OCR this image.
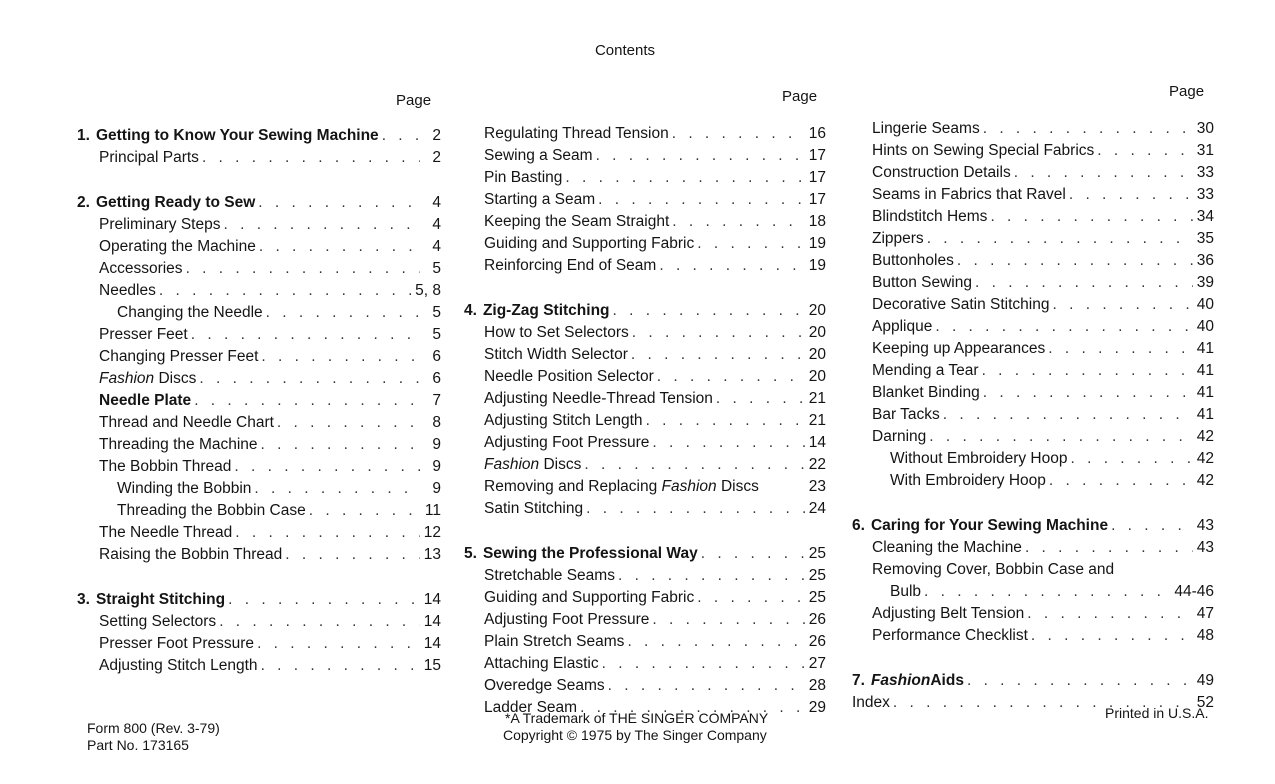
Contents
Page	Page	Page
1. Getting to Know Your Sewing Machine . . .	2
Principal Parts . . .	2
2. Getting Ready to Sew . . .	4
Preliminary Steps . . .	4
Operating the Machine . . .	4
Accessories . . .	5
Needles . . .	5, 8
Changing the Needle . . .	5
Presser Feet . . .	5
Changing Presser Feet . . .	6
Fashion Discs . . .	6
Needle Plate . . .	7
Thread and Needle Chart . . .	8
Threading the Machine . . .	9
The Bobbin Thread . . .	9
Winding the Bobbin . . .	9
Threading the Bobbin Case . . .	11
The Needle Thread . . .	12
Raising the Bobbin Thread . . .	13
3. Straight Stitching . . .	14
Setting Selectors . . .	14
Presser Foot Pressure . . .	14
Adjusting Stitch Length . . .	15
Regulating Thread Tension . . .	16
Sewing a Seam . . .	17
Pin Basting . . .	17
Starting a Seam . . .	17
Keeping the Seam Straight . . .	18
Guiding and Supporting Fabric . . .	19
Reinforcing End of Seam . . .	19
4. Zig-Zag Stitching . . .	20
How to Set Selectors . . .	20
Stitch Width Selector . . .	20
Needle Position Selector . . .	20
Adjusting Needle-Thread Tension . . .	21
Adjusting Stitch Length . . .	21
Adjusting Foot Pressure . . .	14
Fashion Discs . . .	22
Removing and Replacing Fashion Discs	23
Satin Stitching . . .	24
5. Sewing the Professional Way . . .	25
Stretchable Seams . . .	25
Guiding and Supporting Fabric . . .	25
Adjusting Foot Pressure . . .	26
Plain Stretch Seams . . .	26
Attaching Elastic . . .	27
Overedge Seams . . .	28
Ladder Seam . . .	29
Lingerie Seams . . .	30
Hints on Sewing Special Fabrics . . .	31
Construction Details . . .	33
Seams in Fabrics that Ravel . . .	33
Blindstitch Hems . . .	34
Zippers . . .	35
Buttonholes . . .	36
Button Sewing . . .	39
Decorative Satin Stitching . . .	40
Applique . . .	40
Keeping up Appearances . . .	41
Mending a Tear . . .	41
Blanket Binding . . .	41
Bar Tacks . . .	41
Darning . . .	42
Without Embroidery Hoop . . .	42
With Embroidery Hoop . . .	42
6. Caring for Your Sewing Machine . . .	43
Cleaning the Machine . . .	43
Removing Cover, Bobbin Case and
Bulb . . .	44-46
Adjusting Belt Tension . . .	47
Performance Checklist . . .	48
7. FashionAids . . .	49
Index . . .	52
Form 800 (Rev. 3-79)
Part No. 173165
*A Trademark of THE SINGER COMPANY
Copyright © 1975 by The Singer Company
Printed in U.S.A.
